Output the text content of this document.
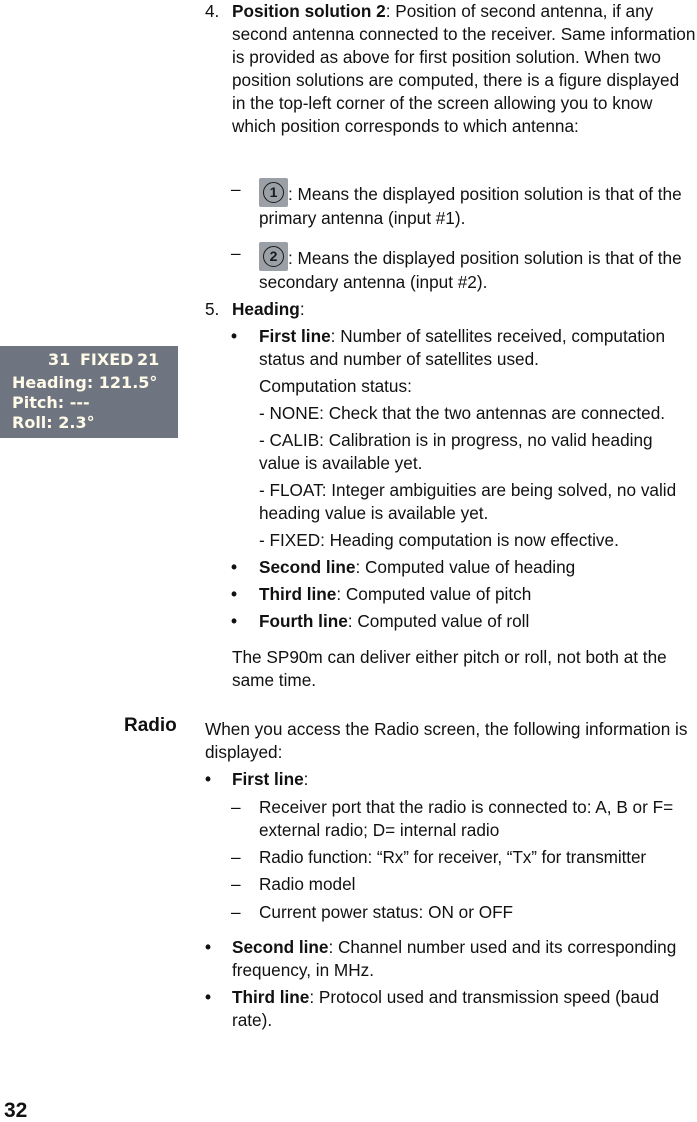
4. Position solution 2: Position of second antenna, if any second antenna connected to the receiver. Same information is provided as above for first position solution. When two position solutions are computed, there is a figure displayed in the top-left corner of the screen allowing you to know which position corresponds to which antenna:

–	1 : Means the displayed position solution is that of the primary antenna (input #1).

–	2 : Means the displayed position solution is that of the secondary antenna (input #2).

5. Heading:

• First line: Number of satellites received, computation status and number of satellites used.

Computation status:

- NONE: Check that the two antennas are connected.

- CALIB: Calibration is in progress, no valid heading value is available yet.

- FLOAT: Integer ambiguities are being solved, no valid heading value is available yet.

- FIXED: Heading computation is now effective.

• Second line: Computed value of heading

• Third line: Computed value of pitch

• Fourth line: Computed value of roll

The SP90m can deliver either pitch or roll, not both at the same time.

31 FIXED 21
Heading: 121.5°
Pitch: ---
Roll: 2.3°
Radio When you access the Radio screen, the following information is displayed:

• First line:

– Receiver port that the radio is connected to: A, B or F= external radio; D= internal radio

– Radio function: “Rx” for receiver, “Tx” for transmitter

– Radio model

– Current power status: ON or OFF

• Second line: Channel number used and its corresponding frequency, in MHz.

• Third line: Protocol used and transmission speed (baud rate).

32
